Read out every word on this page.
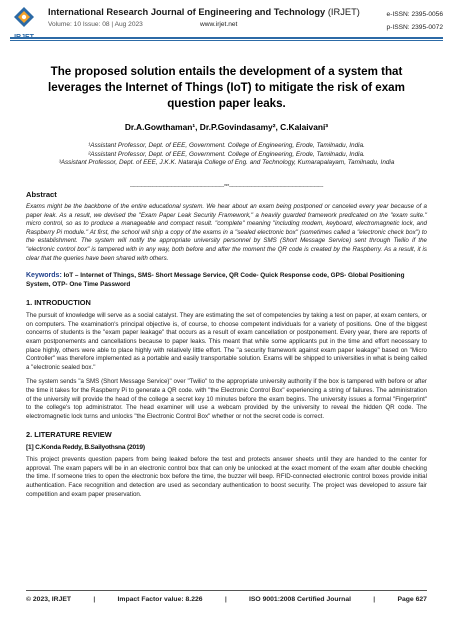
International Research Journal of Engineering and Technology (IRJET)
Volume: 10 Issue: 08 | Aug 2023	www.irjet.net
e-ISSN: 2395-0056
p-ISSN: 2395-0072
The proposed solution entails the development of a system that leverages the Internet of Things (IoT) to mitigate the risk of exam question paper leaks.
Dr.A.Gowthaman¹, Dr.P.Govindasamy², C.Kalaivani³
¹Assistant Professor, Dept. of EEE, Government. College of Engineering, Erode, Tamilnadu, India.
²Assistant Professor, Dept. of EEE, Government. College of Engineering, Erode, Tamilnadu, India.
³Assistant Professor, Dept. of EEE, J.K.K. Nataraja College of Eng. and Technology, Kumarapalayam, Tamilnadu, India
---------------------------------------------------------------------***---------------------------------------------------------------------
Abstract

Exams might be the backbone of the entire educational system. We hear about an exam being postponed or canceled every year because of a paper leak. As a result, we devised the "Exam Paper Leak Security Framework," a heavily guarded framework predicated on the "exam suite." micro control, so as to produce a manageable and compact result. "complete" meaning "including modem, keyboard, electromagnetic lock, and Raspberry Pi module." At first, the school will ship a copy of the exams in a "sealed electronic box" (sometimes called a "electronic check box") to the establishment. The system will notify the appropriate university personnel by SMS (Short Message Service) sent through Twilio if the "electronic control box" is tampered with in any way, both before and after the moment the QR code is created by the Raspberry. As a result, it is clear that the queries have been shared with others.

Keywords: IoT – Internet of Things, SMS- Short Message Service, QR Code- Quick Response code, GPS- Global Positioning System, OTP- One Time Password

1. INTRODUCTION

The pursuit of knowledge will serve as a social catalyst. They are estimating the set of competencies by taking a test on paper, at exam centers, or on computers. The examination's principal objective is, of course, to choose competent individuals for a variety of positions. One of the biggest concerns of students is the "exam paper leakage" that occurs as a result of exam cancellation or postponement. Every year, there are reports of exam postponements and cancellations because to paper leaks. This meant that while some applicants put in the time and effort necessary to place highly, others were able to place highly with relatively little effort. The "a security framework against exam paper leakage" based on "Micro Controller" was therefore implemented as a portable and easily transportable solution. Exams will be shipped to universities in what is being called a "electronic sealed box."

The system sends "a SMS (Short Message Service)" over "Twilio" to the appropriate university authority if the box is tampered with before or after the time it takes for the Raspberry Pi to generate a QR code. with "the Electronic Control Box" experiencing a string of failures. The administration of the university will provide the head of the college a secret key 10 minutes before the exam begins. The university issues a formal "Fingerprint" to the college's top administrator. The head examiner will use a webcam provided by the university to reveal the hidden QR code. The electromagnetic lock turns and unlocks "the Electronic Control Box" whether or not the secret code is correct.

2. LITERATURE REVIEW
[1] C.Konda Reddy, B.Sailyothsna (2019)

This project prevents question papers from being leaked before the test and protects answer sheets until they are handed to the center for approval. The exam papers will be in an electronic control box that can only be unlocked at the exact moment of the exam after double checking the time. If someone tries to open the electronic box before the time, the buzzer will beep. RFID-connected electronic control boxes provide initial authentication. Face recognition and detection are used as secondary authentication to boost security. The project was developed to assure fair competition and exam paper preservation.

© 2023, IRJET	|	Impact Factor value: 8.226	|	ISO 9001:2008 Certified Journal	|	Page 627
